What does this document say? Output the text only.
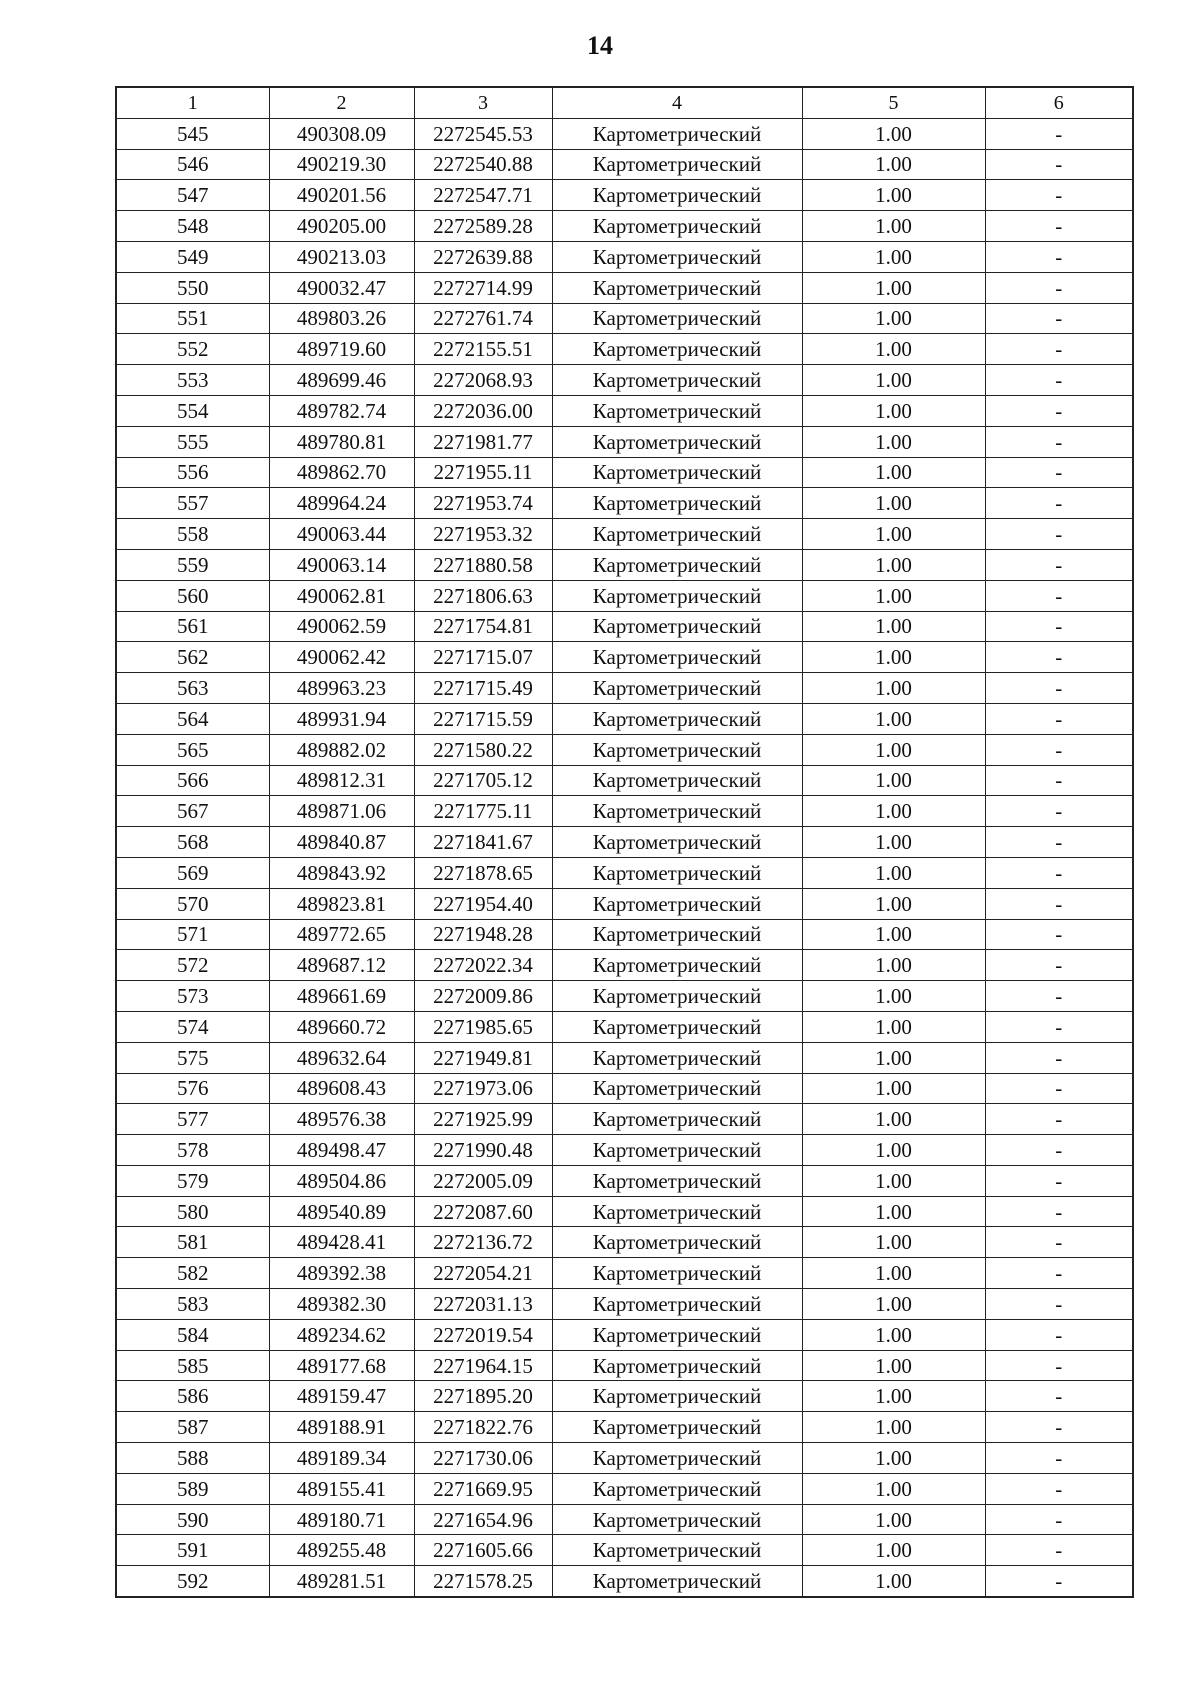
14
1	2	3	4	5	6
545	490308.09	2272545.53	Картометрический	1.00	-
546	490219.30	2272540.88	Картометрический	1.00	-
547	490201.56	2272547.71	Картометрический	1.00	-
548	490205.00	2272589.28	Картометрический	1.00	-
549	490213.03	2272639.88	Картометрический	1.00	-
550	490032.47	2272714.99	Картометрический	1.00	-
551	489803.26	2272761.74	Картометрический	1.00	-
552	489719.60	2272155.51	Картометрический	1.00	-
553	489699.46	2272068.93	Картометрический	1.00	-
554	489782.74	2272036.00	Картометрический	1.00	-
555	489780.81	2271981.77	Картометрический	1.00	-
556	489862.70	2271955.11	Картометрический	1.00	-
557	489964.24	2271953.74	Картометрический	1.00	-
558	490063.44	2271953.32	Картометрический	1.00	-
559	490063.14	2271880.58	Картометрический	1.00	-
560	490062.81	2271806.63	Картометрический	1.00	-
561	490062.59	2271754.81	Картометрический	1.00	-
562	490062.42	2271715.07	Картометрический	1.00	-
563	489963.23	2271715.49	Картометрический	1.00	-
564	489931.94	2271715.59	Картометрический	1.00	-
565	489882.02	2271580.22	Картометрический	1.00	-
566	489812.31	2271705.12	Картометрический	1.00	-
567	489871.06	2271775.11	Картометрический	1.00	-
568	489840.87	2271841.67	Картометрический	1.00	-
569	489843.92	2271878.65	Картометрический	1.00	-
570	489823.81	2271954.40	Картометрический	1.00	-
571	489772.65	2271948.28	Картометрический	1.00	-
572	489687.12	2272022.34	Картометрический	1.00	-
573	489661.69	2272009.86	Картометрический	1.00	-
574	489660.72	2271985.65	Картометрический	1.00	-
575	489632.64	2271949.81	Картометрический	1.00	-
576	489608.43	2271973.06	Картометрический	1.00	-
577	489576.38	2271925.99	Картометрический	1.00	-
578	489498.47	2271990.48	Картометрический	1.00	-
579	489504.86	2272005.09	Картометрический	1.00	-
580	489540.89	2272087.60	Картометрический	1.00	-
581	489428.41	2272136.72	Картометрический	1.00	-
582	489392.38	2272054.21	Картометрический	1.00	-
583	489382.30	2272031.13	Картометрический	1.00	-
584	489234.62	2272019.54	Картометрический	1.00	-
585	489177.68	2271964.15	Картометрический	1.00	-
586	489159.47	2271895.20	Картометрический	1.00	-
587	489188.91	2271822.76	Картометрический	1.00	-
588	489189.34	2271730.06	Картометрический	1.00	-
589	489155.41	2271669.95	Картометрический	1.00	-
590	489180.71	2271654.96	Картометрический	1.00	-
591	489255.48	2271605.66	Картометрический	1.00	-
592	489281.51	2271578.25	Картометрический	1.00	-
